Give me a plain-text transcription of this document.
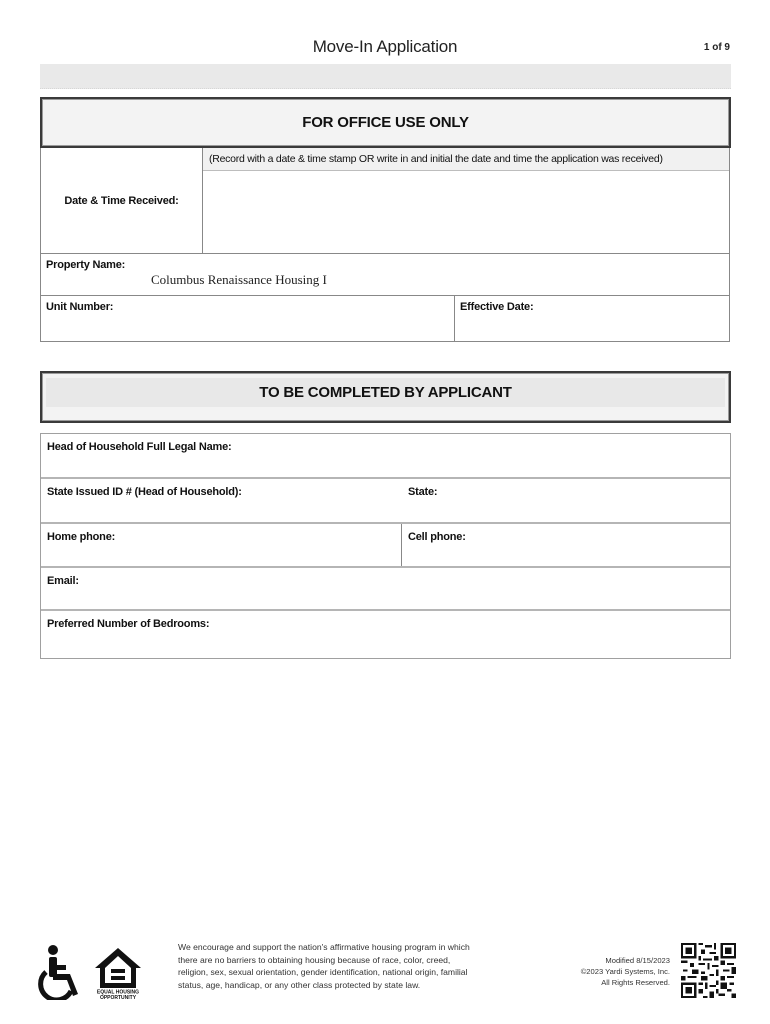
Move-In Application	1 of 9
FOR OFFICE USE ONLY
Date & Time Received:
(Record with a date & time stamp OR write in and initial the date and time the application was received)
Property Name:
Columbus Renaissance Housing I
Unit Number:	Effective Date:
TO BE COMPLETED BY APPLICANT
Head of Household Full Legal Name:
State Issued ID # (Head of Household):	State:
Home phone:	Cell phone:
Email:
Preferred Number of Bedrooms:
EQUAL HOUSING
OPPORTUNITY
We encourage and support the nation's affirmative housing program in which there are no barriers to obtaining housing because of race, color, creed, religion, sex, sexual orientation, gender identification, national origin, familial status, age, handicap, or any other class protected by state law.
Modified 8/15/2023
©2023 Yardi Systems, Inc.
All Rights Reserved.
